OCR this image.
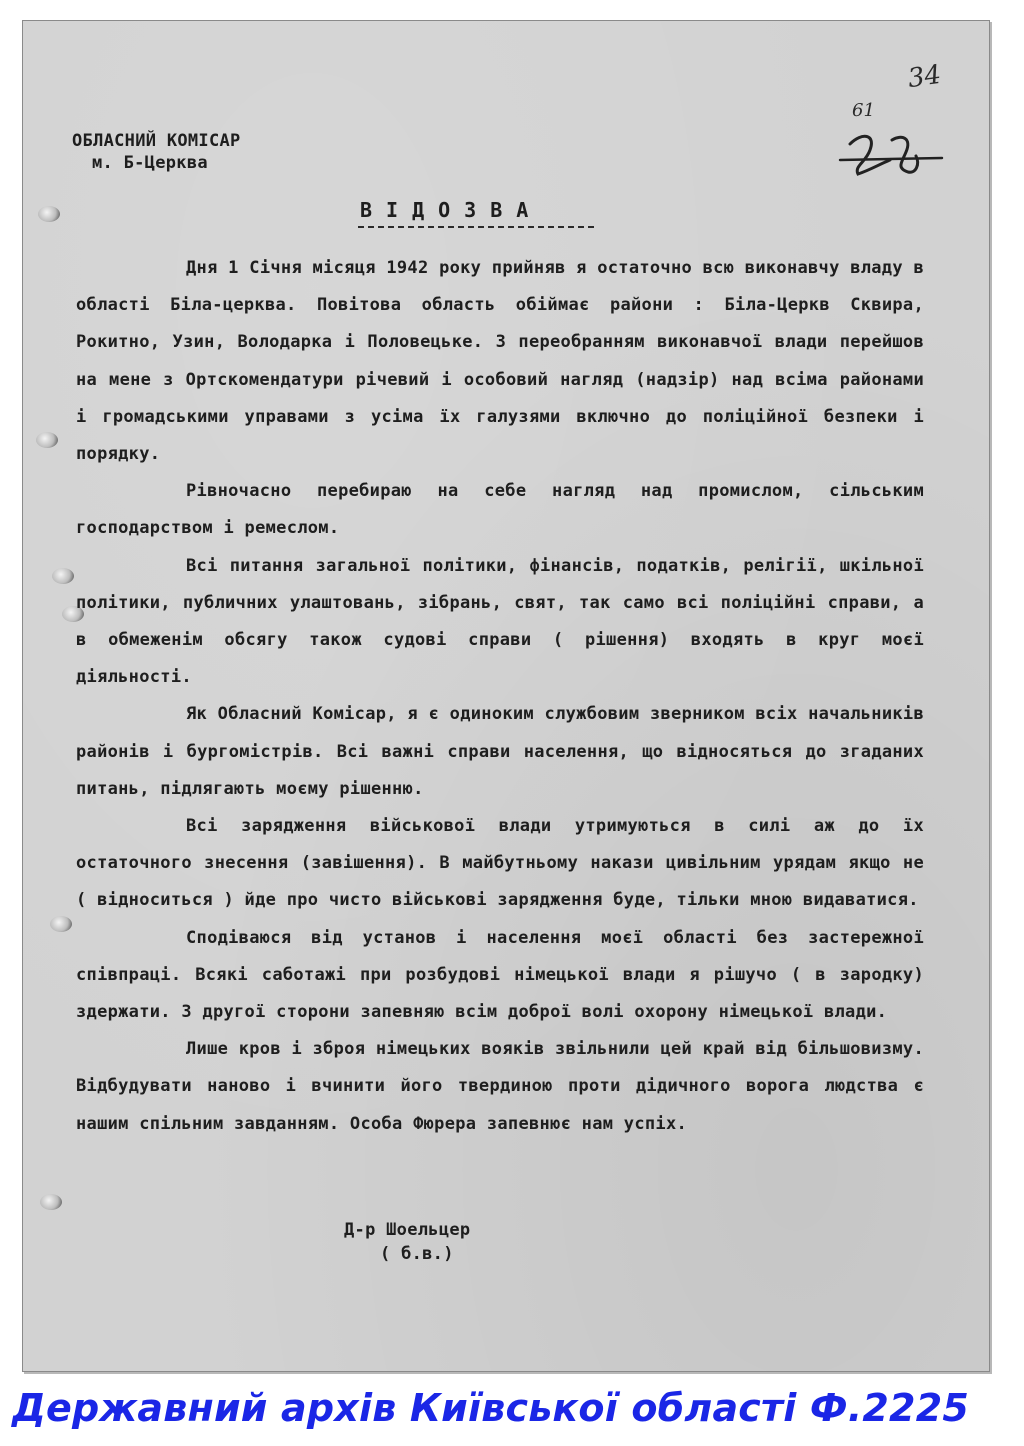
34
61
ОБЛАСНИЙ КОМІСАР
м. Б-Церква
ВІДОЗВА

Дня 1 Січня місяця 1942 року прийняв я остаточно всю виконавчу владу в області Біла-церква. Повітова область обіймає райони : Біла-Церкв Сквира, Рокитно, Узин, Володарка і Половецьке. З переобранням виконавчої влади перейшов на мене з Ортскомендатури річевий і особовий нагляд (надзір) над всіма районами і громадськими управами з усіма їх галузями включно до поліційної безпеки і порядку.

Рівночасно перебираю на себе нагляд над промислом, сільським господарством і ремеслом.

Всі питання загальної політики, фінансів, податків, релігії, шкільної політики, публичних улаштовань, зібрань, свят, так само всі поліційні справи, а в обмеженім обсягу також судові справи ( рішення) входять в круг моєї діяльності.

Як Обласний Комісар, я є одиноким службовим зверником всіх начальників районів і бургомістрів. Всі важні справи населення, що відносяться до згаданих питань, підлягають моєму рішенню.

Всі зарядження військової влади утримуються в силі аж до їх остаточного знесення (завішення). В майбутньому накази цивільним урядам якщо не ( відноситься ) йде про чисто військові зарядження буде, тільки мною видаватися.

Сподіваюся від установ і населення моєї області без застережної співпраці. Всякі саботажі при розбудові німецької влади я рішучо ( в зародку) здержати. З другої сторони запевняю всім доброї волі охорону німецької влади.

Лише кров і зброя німецьких вояків звільнили цей край від більшовизму. Відбудувати наново і вчинити його твердиною проти дідичного ворога людства є нашим спільним завданням. Особа Фюрера запевнює нам успіх.

Д-р Шоельцер
( б.в.)
Державний архів Київської області Ф.2225
